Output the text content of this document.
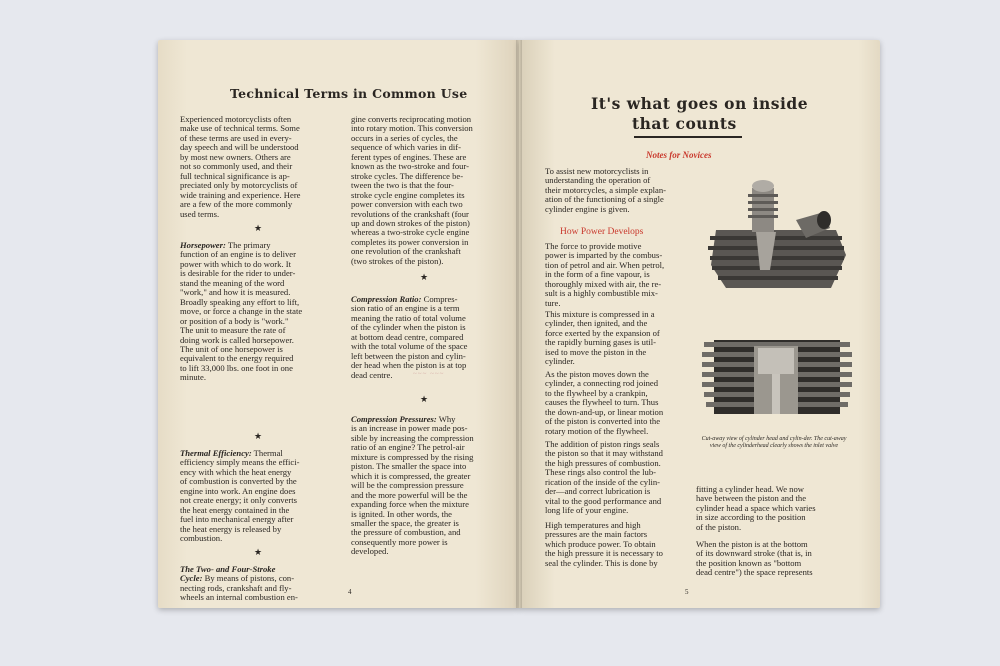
Technical Terms in Common Use
Experienced motorcyclists often
make use of technical terms. Some
of these terms are used in every-
day speech and will be understood
by most new owners. Others are
not so commonly used, and their
full technical significance is ap-
preciated only by motorcyclists of
wide training and experience. Here
are a few of the more commonly
used terms.
★
Horsepower: The primary
function of an engine is to deliver
power with which to do work. It
is desirable for the rider to under-
stand the meaning of the word
"work," and how it is measured.
Broadly speaking any effort to lift,
move, or force a change in the state
or position of a body is "work."
The unit to measure the rate of
doing work is called horsepower.
The unit of one horsepower is
equivalent to the energy required
to lift 33,000 lbs. one foot in one
minute.
★
Thermal Efficiency: Thermal
efficiency simply means the effici-
ency with which the heat energy
of combustion is converted by the
engine into work. An engine does
not create energy; it only converts
the heat energy contained in the
fuel into mechanical energy after
the heat energy is released by
combustion.
★
The Two- and Four-Stroke
Cycle: By means of pistons, con-
necting rods, crankshaft and fly-
wheels an internal combustion en-
gine converts reciprocating motion
into rotary motion. This conversion
occurs in a series of cycles, the
sequence of which varies in dif-
ferent types of engines. These are
known as the two-stroke and four-
stroke cycles. The difference be-
tween the two is that the four-
stroke cycle engine completes its
power conversion with each two
revolutions of the crankshaft (four
up and down strokes of the piston)
whereas a two-stroke cycle engine
completes its power conversion in
one revolution of the crankshaft
(two strokes of the piston).
★
Compression Ratio: Compres-
sion ratio of an engine is a term
meaning the ratio of total volume
of the cylinder when the piston is
at bottom dead centre, compared
with the total volume of the space
left between the piston and cylin-
der head when the piston is at top
dead centre.
★
Compression Pressures: Why
is an increase in power made pos-
sible by increasing the compression
ratio of an engine? The petrol-air
mixture is compressed by the rising
piston. The smaller the space into
which it is compressed, the greater
will be the compression pressure
and the more powerful will be the
expanding force when the mixture
is ignited. In other words, the
smaller the space, the greater is
the pressure of combustion, and
consequently more power is
developed.
~~~ ~~~
4
It's what goes on inside
that counts
Notes for Novices
To assist new motorcyclists in
understanding the operation of
their motorcycles, a simple explan-
ation of the functioning of a single
cylinder engine is given.
How Power Develops
The force to provide motive
power is imparted by the combus-
tion of petrol and air. When petrol,
in the form of a fine vapour, is
thoroughly mixed with air, the re-
sult is a highly combustible mix-
ture.
This mixture is compressed in a
cylinder, then ignited, and the
force exerted by the expansion of
the rapidly burning gases is util-
ised to move the piston in the
cylinder.
As the piston moves down the
cylinder, a connecting rod joined
to the flywheel by a crankpin,
causes the flywheel to turn. Thus
the down-and-up, or linear motion
of the piston is converted into the
rotary motion of the flywheel.
The addition of piston rings seals
the piston so that it may withstand
the high pressures of combustion.
These rings also control the lub-
rication of the inside of the cylin-
der—and correct lubrication is
vital to the good performance and
long life of your engine.
High temperatures and high
pressures are the main factors
which produce power. To obtain
the high pressure it is necessary to
seal the cylinder. This is done by
Cut-away view of cylinder head and cylin-der. The cut-away view of the cylinderhead clearly shows the inlet valve
fitting a cylinder head. We now
have between the piston and the
cylinder head a space which varies
in size according to the position
of the piston.
When the piston is at the bottom
of its downward stroke (that is, in
the position known as "bottom
dead centre") the space represents
5
